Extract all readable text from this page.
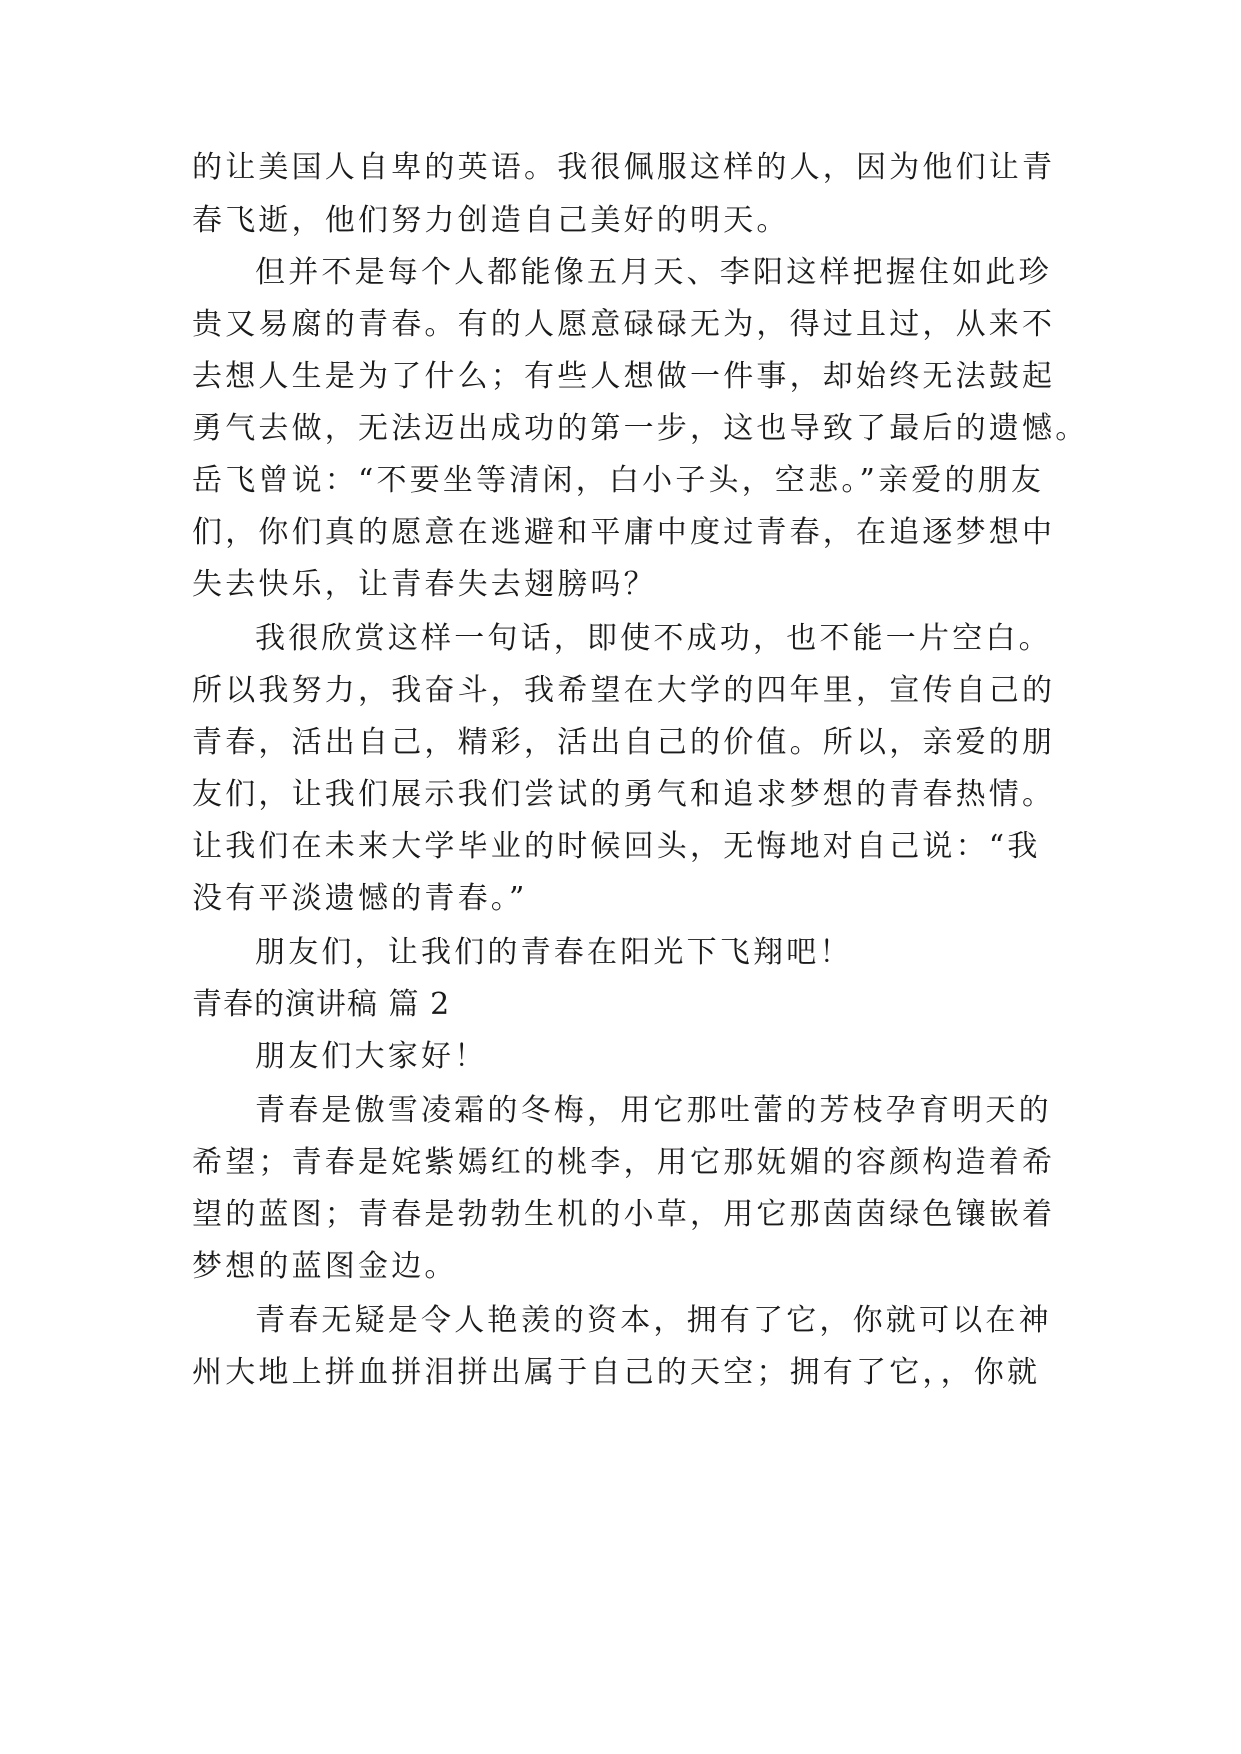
的让美国人自卑的英语。我很佩服这样的人，因为他们让青
春飞逝，他们努力创造自己美好的明天。
但并不是每个人都能像五月天、李阳这样把握住如此珍
贵又易腐的青春。有的人愿意碌碌无为，得过且过，从来不
去想人生是为了什么；有些人想做一件事，却始终无法鼓起
勇气去做，无法迈出成功的第一步，这也导致了最后的遗憾。
岳飞曾说：“不要坐等清闲，白小子头，空悲。”亲爱的朋友
们，你们真的愿意在逃避和平庸中度过青春，在追逐梦想中
失去快乐，让青春失去翅膀吗？
我很欣赏这样一句话，即使不成功，也不能一片空白。
所以我努力，我奋斗，我希望在大学的四年里，宣传自己的
青春，活出自己，精彩，活出自己的价值。所以，亲爱的朋
友们，让我们展示我们尝试的勇气和追求梦想的青春热情。
让我们在未来大学毕业的时候回头，无悔地对自己说：“我
没有平淡遗憾的青春。”
朋友们，让我们的青春在阳光下飞翔吧！
青春的演讲稿 篇 2
朋友们大家好！
青春是傲雪凌霜的冬梅，用它那吐蕾的芳枝孕育明天的
希望；青春是姹紫嫣红的桃李，用它那妩媚的容颜构造着希
望的蓝图；青春是勃勃生机的小草，用它那茵茵绿色镶嵌着
梦想的蓝图金边。
青春无疑是令人艳羡的资本，拥有了它，你就可以在神
州大地上拼血拼泪拼出属于自己的天空；拥有了它，，你就
